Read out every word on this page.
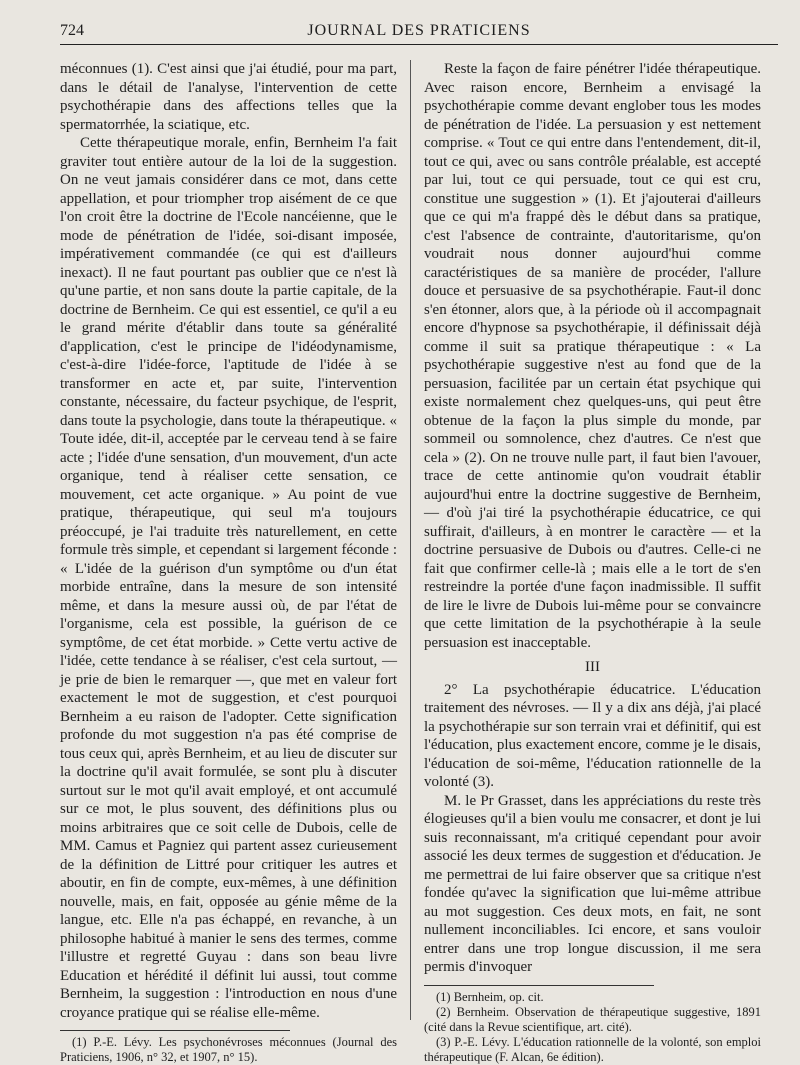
724	JOURNAL DES PRATICIENS

méconnues (1). C'est ainsi que j'ai étudié, pour ma part, dans le détail de l'analyse, l'intervention de cette psychothérapie dans des affections telles que la spermatorrhée, la sciatique, etc.

Cette thérapeutique morale, enfin, Bernheim l'a fait graviter tout entière autour de la loi de la suggestion. On ne veut jamais considérer dans ce mot, dans cette appellation, et pour triompher trop aisément de ce que l'on croit être la doctrine de l'Ecole nancéienne, que le mode de pénétration de l'idée, soi-disant imposée, impérativement commandée (ce qui est d'ailleurs inexact). Il ne faut pourtant pas oublier que ce n'est là qu'une partie, et non sans doute la partie capitale, de la doctrine de Bernheim. Ce qui est essentiel, ce qu'il a eu le grand mérite d'établir dans toute sa généralité d'application, c'est le principe de l'idéodynamisme, c'est-à-dire l'idée-force, l'aptitude de l'idée à se transformer en acte et, par suite, l'intervention constante, nécessaire, du facteur psychique, de l'esprit, dans toute la psychologie, dans toute la thérapeutique. « Toute idée, dit-il, acceptée par le cerveau tend à se faire acte ; l'idée d'une sensation, d'un mouvement, d'un acte organique, tend à réaliser cette sensation, ce mouvement, cet acte organique. » Au point de vue pratique, thérapeutique, qui seul m'a toujours préoccupé, je l'ai traduite très naturellement, en cette formule très simple, et cependant si largement féconde : « L'idée de la guérison d'un symptôme ou d'un état morbide entraîne, dans la mesure de son intensité même, et dans la mesure aussi où, de par l'état de l'organisme, cela est possible, la guérison de ce symptôme, de cet état morbide. » Cette vertu active de l'idée, cette tendance à se réaliser, c'est cela surtout, — je prie de bien le remarquer —, que met en valeur fort exactement le mot de suggestion, et c'est pourquoi Bernheim a eu raison de l'adopter. Cette signification profonde du mot suggestion n'a pas été comprise de tous ceux qui, après Bernheim, et au lieu de discuter sur la doctrine qu'il avait formulée, se sont plu à discuter surtout sur le mot qu'il avait employé, et ont accumulé sur ce mot, le plus souvent, des définitions plus ou moins arbitraires que ce soit celle de Dubois, celle de MM. Camus et Pagniez qui partent assez curieusement de la définition de Littré pour critiquer les autres et aboutir, en fin de compte, eux-mêmes, à une définition nouvelle, mais, en fait, opposée au génie même de la langue, etc. Elle n'a pas échappé, en revanche, à un philosophe habitué à manier le sens des termes, comme l'illustre et regretté Guyau : dans son beau livre Education et hérédité il définit lui aussi, tout comme Bernheim, la suggestion : l'introduction en nous d'une croyance pratique qui se réalise elle-même.

(1) P.-E. Lévy. Les psychonévroses méconnues (Journal des Praticiens, 1906, n° 32, et 1907, n° 15).

Reste la façon de faire pénétrer l'idée thérapeutique. Avec raison encore, Bernheim a envisagé la psychothérapie comme devant englober tous les modes de pénétration de l'idée. La persuasion y est nettement comprise. « Tout ce qui entre dans l'entendement, dit-il, tout ce qui, avec ou sans contrôle préalable, est accepté par lui, tout ce qui persuade, tout ce qui est cru, constitue une suggestion » (1). Et j'ajouterai d'ailleurs que ce qui m'a frappé dès le début dans sa pratique, c'est l'absence de contrainte, d'autoritarisme, qu'on voudrait nous donner aujourd'hui comme caractéristiques de sa manière de procéder, l'allure douce et persuasive de sa psychothérapie. Faut-il donc s'en étonner, alors que, à la période où il accompagnait encore d'hypnose sa psychothérapie, il définissait déjà comme il suit sa pratique thérapeutique : « La psychothérapie suggestive n'est au fond que de la persuasion, facilitée par un certain état psychique qui existe normalement chez quelques-uns, qui peut être obtenue de la façon la plus simple du monde, par sommeil ou somnolence, chez d'autres. Ce n'est que cela » (2). On ne trouve nulle part, il faut bien l'avouer, trace de cette antinomie qu'on voudrait établir aujourd'hui entre la doctrine suggestive de Bernheim, — d'où j'ai tiré la psychothérapie éducatrice, ce qui suffirait, d'ailleurs, à en montrer le caractère — et la doctrine persuasive de Dubois ou d'autres. Celle-ci ne fait que confirmer celle-là ; mais elle a le tort de s'en restreindre la portée d'une façon inadmissible. Il suffit de lire le livre de Dubois lui-même pour se convaincre que cette limitation de la psychothérapie à la seule persuasion est inacceptable.

III

2° La psychothérapie éducatrice. L'éducation traitement des névroses. — Il y a dix ans déjà, j'ai placé la psychothérapie sur son terrain vrai et définitif, qui est l'éducation, plus exactement encore, comme je le disais, l'éducation de soi-même, l'éducation rationnelle de la volonté (3).

M. le Pr Grasset, dans les appréciations du reste très élogieuses qu'il a bien voulu me consacrer, et dont je lui suis reconnaissant, m'a critiqué cependant pour avoir associé les deux termes de suggestion et d'éducation. Je me permettrai de lui faire observer que sa critique n'est fondée qu'avec la signification que lui-même attribue au mot suggestion. Ces deux mots, en fait, ne sont nullement inconciliables. Ici encore, et sans vouloir entrer dans une trop longue discussion, il me sera permis d'invoquer

(1) Bernheim, op. cit.
(2) Bernheim. Observation de thérapeutique suggestive, 1891 (cité dans la Revue scientifique, art. cité).
(3) P.-E. Lévy. L'éducation rationnelle de la volonté, son emploi thérapeutique (F. Alcan, 6e édition).
